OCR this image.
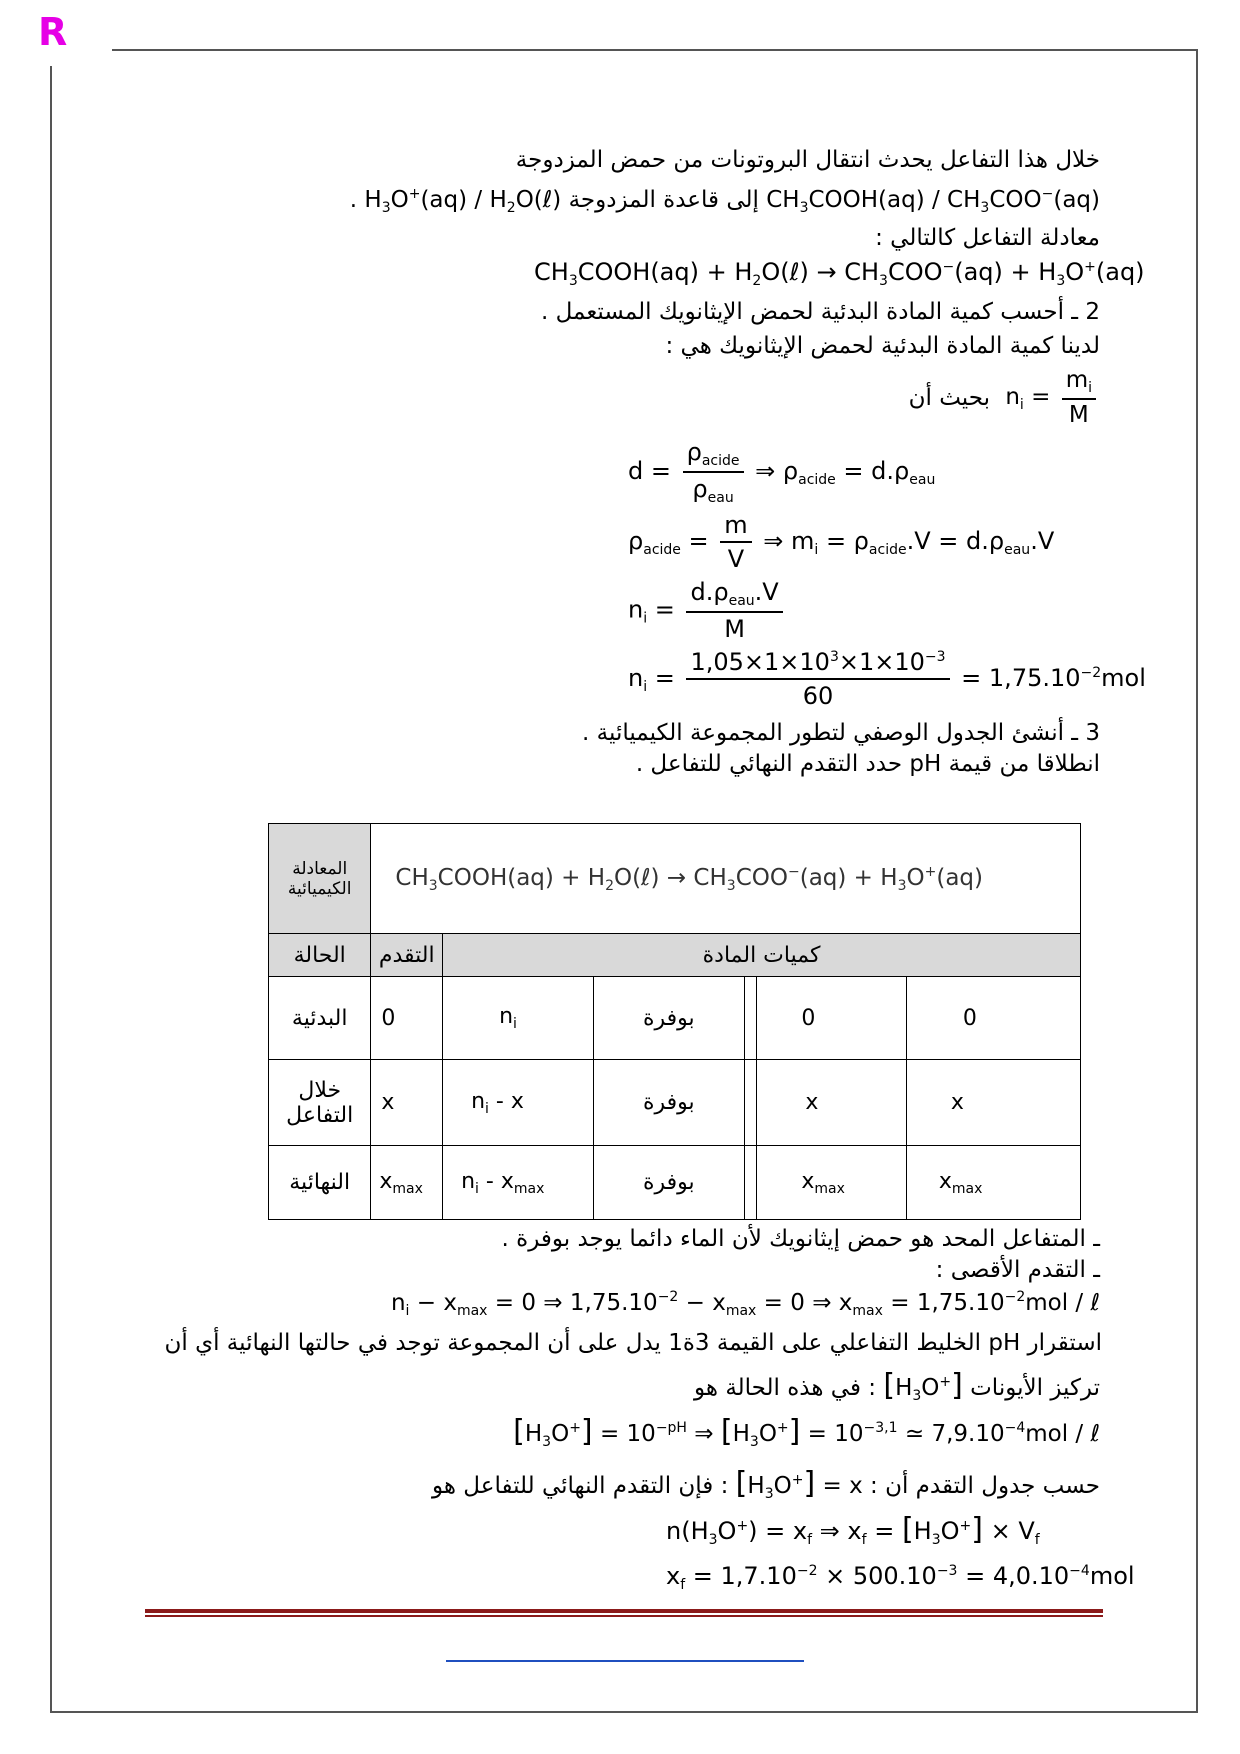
R
خلال هذا التفاعل يحدث انتقال البروتونات من حمض المزدوجة
. $H_3O^+(aq)$ / $H_2O(\ell)$ إلى قاعدة المزدوجة $CH_3COOH(aq) / CH_3COO^-(aq)$
معادلة التفاعل كالتالي :
$CH_3COOH(aq)$ + $H_2O(\ell) \to CH_3COO^-(aq) + H_3O^+(aq)$
2 ـ أحسب كمية المادة البدئية لحمض الإيثانويك المستعمل .
لدينا كمية المادة البدئية لحمض الإيثانويك هي :
$n_i = \frac{m_i}{M}$
بحيث أن
$d = \frac{\rho_{acide}}{\rho_{eau}}$ ⇒ $\rho_{acide} = d.\rho_{eau}$
$\rho_{acide} = \frac{m}{V}$ ⇒ $m_i = \rho_{acide}.V = d.\rho_{eau}.V$
$n_i = \frac{d.\rho_{eau}.V}{M}$
$n_i = \frac{1,05\times 1\times 10^3\times 1\times 10^{-3}}{60} = 1,75.10^{-2}mol$
3 ـ أنشئ الجدول الوصفي لتطور المجموعة الكيميائية .
انطلاقا من قيمة pH حدد التقدم النهائي للتفاعل .
المعادلة الكيميائية	$CH_3COOH(aq)$ + $H_2O(\ell) \to CH_3COO^-(aq) + H_3O^+(aq)$					
الحالة	التقدم	كميات المادة				
البدئية	0	$n_i$	بوفرة		0	0
خلال التفاعل	x	$n_i$ - x	بوفرة		x	x
النهائية	$x_{max}$	$n_i - x_{max}$	بوفرة		$x_{max}$	$x_{max}$
ـ المتفاعل المحد هو حمض إيثانويك لأن الماء دائما يوجد بوفرة .
ـ التقدم الأقصى :
$n_i - x_{max} = 0$ ⇒ $1,75.10^{-2} - x_{max} = 0$ ⇒ $x_{max} = 1,75.10^{-2}mol$ / ℓ
استقرار pH الخليط التفاعلي على القيمة 3ة1 يدل على أن المجموعة توجد في حالتها النهائية أي أن
في هذه الحالة هو : $[H_3O^+]$ تركيز الأيونات
$[H_3O^+] = 10^{-pH}$ ⇒ $[H_3O^+] = 10^{-3,1}$ ≃ $7,9.10^{-4}mol$ / ℓ
فإن التقدم النهائي للتفاعل هو : $[H_3O^+] = x$ : حسب جدول التقدم أن
$n(H_3O^+) = x_f$ ⇒ $x_f = [H_3O^+] \times V_f$
$x_f = 1,7.10^{-2} \times 500.10^{-3} = 4,0.10^{-4}mol$
